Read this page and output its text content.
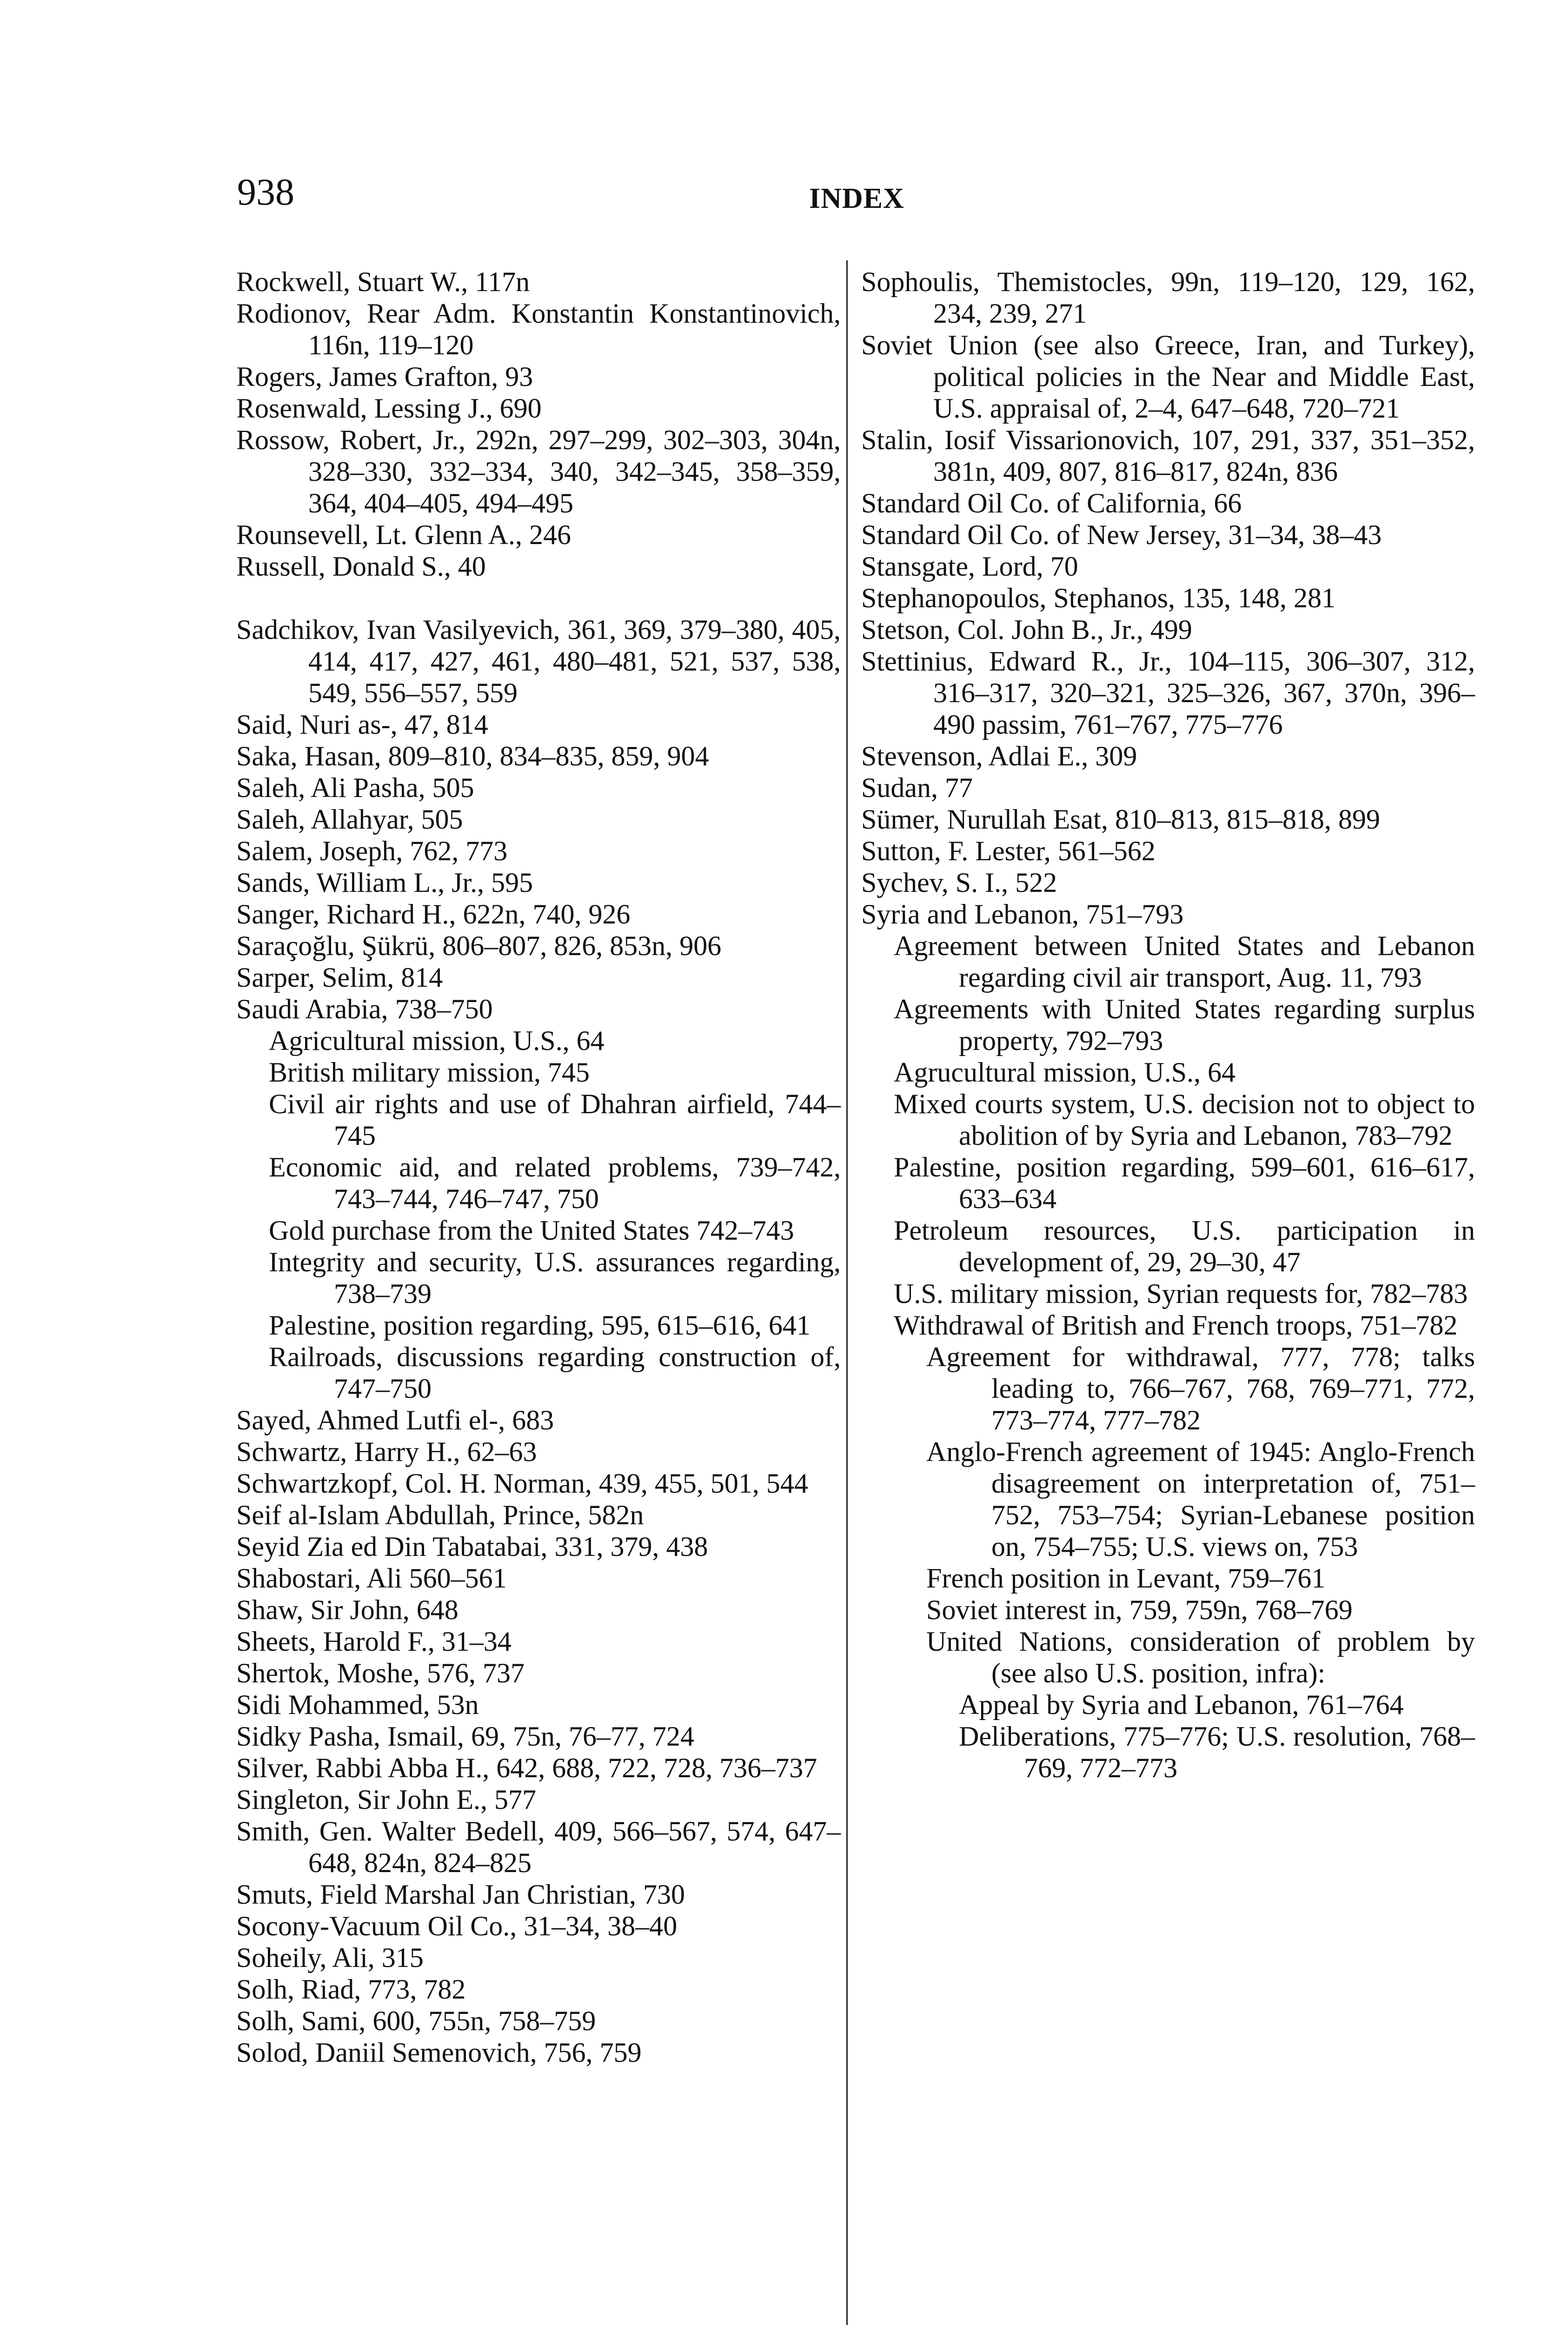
938	INDEX

Rockwell, Stuart W., 117n

Rodionov, Rear Adm. Konstantin Konstantinovich, 116n, 119–120

Rogers, James Grafton, 93

Rosenwald, Lessing J., 690

Rossow, Robert, Jr., 292n, 297–299, 302–303, 304n, 328–330, 332–334, 340, 342–345, 358–359, 364, 404–405, 494–495

Rounsevell, Lt. Glenn A., 246

Russell, Donald S., 40

Sadchikov, Ivan Vasilyevich, 361, 369, 379–380, 405, 414, 417, 427, 461, 480–481, 521, 537, 538, 549, 556–557, 559

Said, Nuri as-, 47, 814

Saka, Hasan, 809–810, 834–835, 859, 904

Saleh, Ali Pasha, 505

Saleh, Allahyar, 505

Salem, Joseph, 762, 773

Sands, William L., Jr., 595

Sanger, Richard H., 622n, 740, 926

Saraçoğlu, Şükrü, 806–807, 826, 853n, 906

Sarper, Selim, 814

Saudi Arabia, 738–750

Agricultural mission, U.S., 64

British military mission, 745

Civil air rights and use of Dhahran airfield, 744–745

Economic aid, and related problems, 739–742, 743–744, 746–747, 750

Gold purchase from the United States 742–743

Integrity and security, U.S. assurances regarding, 738–739

Palestine, position regarding, 595, 615–616, 641

Railroads, discussions regarding construction of, 747–750

Sayed, Ahmed Lutfi el-, 683

Schwartz, Harry H., 62–63

Schwartzkopf, Col. H. Norman, 439, 455, 501, 544

Seif al-Islam Abdullah, Prince, 582n

Seyid Zia ed Din Tabatabai, 331, 379, 438

Shabostari, Ali 560–561

Shaw, Sir John, 648

Sheets, Harold F., 31–34

Shertok, Moshe, 576, 737

Sidi Mohammed, 53n

Sidky Pasha, Ismail, 69, 75n, 76–77, 724

Silver, Rabbi Abba H., 642, 688, 722, 728, 736–737

Singleton, Sir John E., 577

Smith, Gen. Walter Bedell, 409, 566–567, 574, 647–648, 824n, 824–825

Smuts, Field Marshal Jan Christian, 730

Socony-Vacuum Oil Co., 31–34, 38–40

Soheily, Ali, 315

Solh, Riad, 773, 782

Solh, Sami, 600, 755n, 758–759

Solod, Daniil Semenovich, 756, 759

Sophoulis, Themistocles, 99n, 119–120, 129, 162, 234, 239, 271

Soviet Union (see also Greece, Iran, and Turkey), political policies in the Near and Middle East, U.S. appraisal of, 2–4, 647–648, 720–721

Stalin, Iosif Vissarionovich, 107, 291, 337, 351–352, 381n, 409, 807, 816–817, 824n, 836

Standard Oil Co. of California, 66

Standard Oil Co. of New Jersey, 31–34, 38–43

Stansgate, Lord, 70

Stephanopoulos, Stephanos, 135, 148, 281

Stetson, Col. John B., Jr., 499

Stettinius, Edward R., Jr., 104–115, 306–307, 312, 316–317, 320–321, 325–326, 367, 370n, 396–490 passim, 761–767, 775–776

Stevenson, Adlai E., 309

Sudan, 77

Sümer, Nurullah Esat, 810–813, 815–818, 899

Sutton, F. Lester, 561–562

Sychev, S. I., 522

Syria and Lebanon, 751–793

Agreement between United States and Lebanon regarding civil air transport, Aug. 11, 793

Agreements with United States regarding surplus property, 792–793

Agrucultural mission, U.S., 64

Mixed courts system, U.S. decision not to object to abolition of by Syria and Lebanon, 783–792

Palestine, position regarding, 599–601, 616–617, 633–634

Petroleum resources, U.S. participation in development of, 29, 29–30, 47

U.S. military mission, Syrian requests for, 782–783

Withdrawal of British and French troops, 751–782

Agreement for withdrawal, 777, 778; talks leading to, 766–767, 768, 769–771, 772, 773–774, 777–782

Anglo-French agreement of 1945: Anglo-French disagreement on interpretation of, 751–752, 753–754; Syrian-Lebanese position on, 754–755; U.S. views on, 753

French position in Levant, 759–761

Soviet interest in, 759, 759n, 768–769

United Nations, consideration of problem by (see also U.S. position, infra):

Appeal by Syria and Lebanon, 761–764

Deliberations, 775–776; U.S. resolution, 768–769, 772–773
